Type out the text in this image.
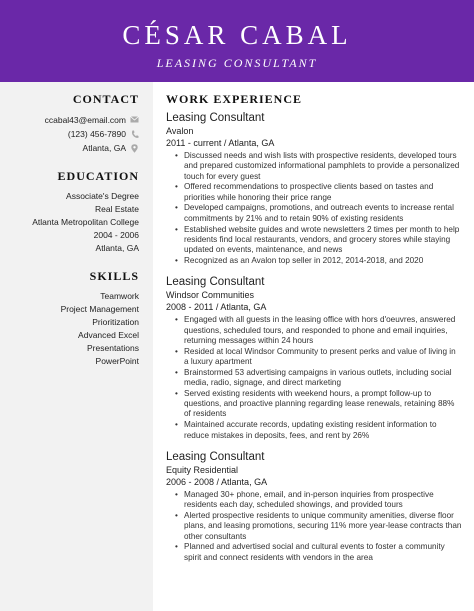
CÉSAR CABAL
LEASING CONSULTANT
CONTACT
ccabal43@email.com
(123) 456-7890
Atlanta, GA
EDUCATION
Associate's Degree
Real Estate
Atlanta Metropolitan College
2004 - 2006
Atlanta, GA
SKILLS
Teamwork
Project Management
Prioritization
Advanced Excel
Presentations
PowerPoint
WORK EXPERIENCE
Leasing Consultant
Avalon
2011 - current / Atlanta, GA
• Discussed needs and wish lists with prospective residents, developed tours and prepared customized informational pamphlets to provide a personalized touch for every guest
• Offered recommendations to prospective clients based on tastes and priorities while honoring their price range
• Developed campaigns, promotions, and outreach events to increase rental commitments by 21% and to retain 90% of existing residents
• Established website guides and wrote newsletters 2 times per month to help residents find local restaurants, vendors, and grocery stores while staying updated on events, maintenance, and news
• Recognized as an Avalon top seller in 2012, 2014-2018, and 2020
Leasing Consultant
Windsor Communities
2008 - 2011 / Atlanta, GA
• Engaged with all guests in the leasing office with hors d'oeuvres, answered questions, scheduled tours, and responded to phone and email inquiries, returning messages within 24 hours
• Resided at local Windsor Community to present perks and value of living in a luxury apartment
• Brainstormed 53 advertising campaigns in various outlets, including social media, radio, signage, and direct marketing
• Served existing residents with weekend hours, a prompt follow-up to questions, and proactive planning regarding lease renewals, retaining 88% of residents
• Maintained accurate records, updating existing resident information to reduce mistakes in deposits, fees, and rent by 26%
Leasing Consultant
Equity Residential
2006 - 2008 / Atlanta, GA
• Managed 30+ phone, email, and in-person inquiries from prospective residents each day, scheduled showings, and provided tours
• Alerted prospective residents to unique community amenities, diverse floor plans, and leasing promotions, securing 11% more year-lease contracts than other consultants
• Planned and advertised social and cultural events to foster a community spirit and connect residents with vendors in the area
